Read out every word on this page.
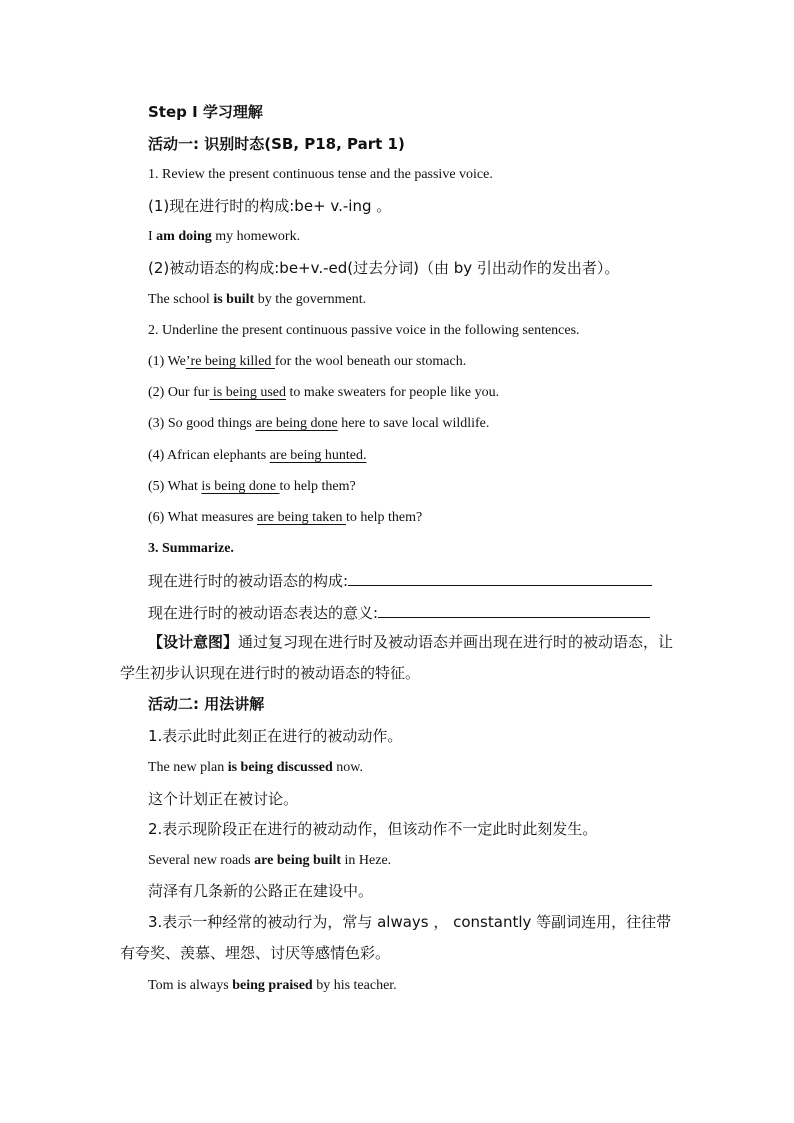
Step I 学习理解
活动一: 识别时态(SB, P18, Part 1)
1. Review the present continuous tense and the passive voice.
(1)现在进行时的构成:be+ v.-ing 。
I am doing my homework.
(2)被动语态的构成:be+v.-ed(过去分词)（由 by 引出动作的发出者）。
The school is built by the government.
2. Underline the present continuous passive voice in the following sentences.
(1) We’re being killed for the wool beneath our stomach.
(2) Our fur is being used to make sweaters for people like you.
(3) So good things are being done here to save local wildlife.
(4) African elephants are being hunted.
(5) What is being done to help them?
(6) What measures are being taken to help them?
3. Summarize.
现在进行时的被动语态的构成:
现在进行时的被动语态表达的意义:
【设计意图】通过复习现在进行时及被动语态并画出现在进行时的被动语态，让学生初步认识现在进行时的被动语态的特征。
活动二: 用法讲解
1.表示此时此刻正在进行的被动动作。
The new plan is being discussed now.
这个计划正在被讨论。
2.表示现阶段正在进行的被动动作，但该动作不一定此时此刻发生。
Several new roads are being built in Heze.
菏泽有几条新的公路正在建设中。
3.表示一种经常的被动行为，常与 always ， constantly 等副词连用，往往带有夸奖、羡慕、埋怨、讨厌等感情色彩。
Tom is always being praised by his teacher.
